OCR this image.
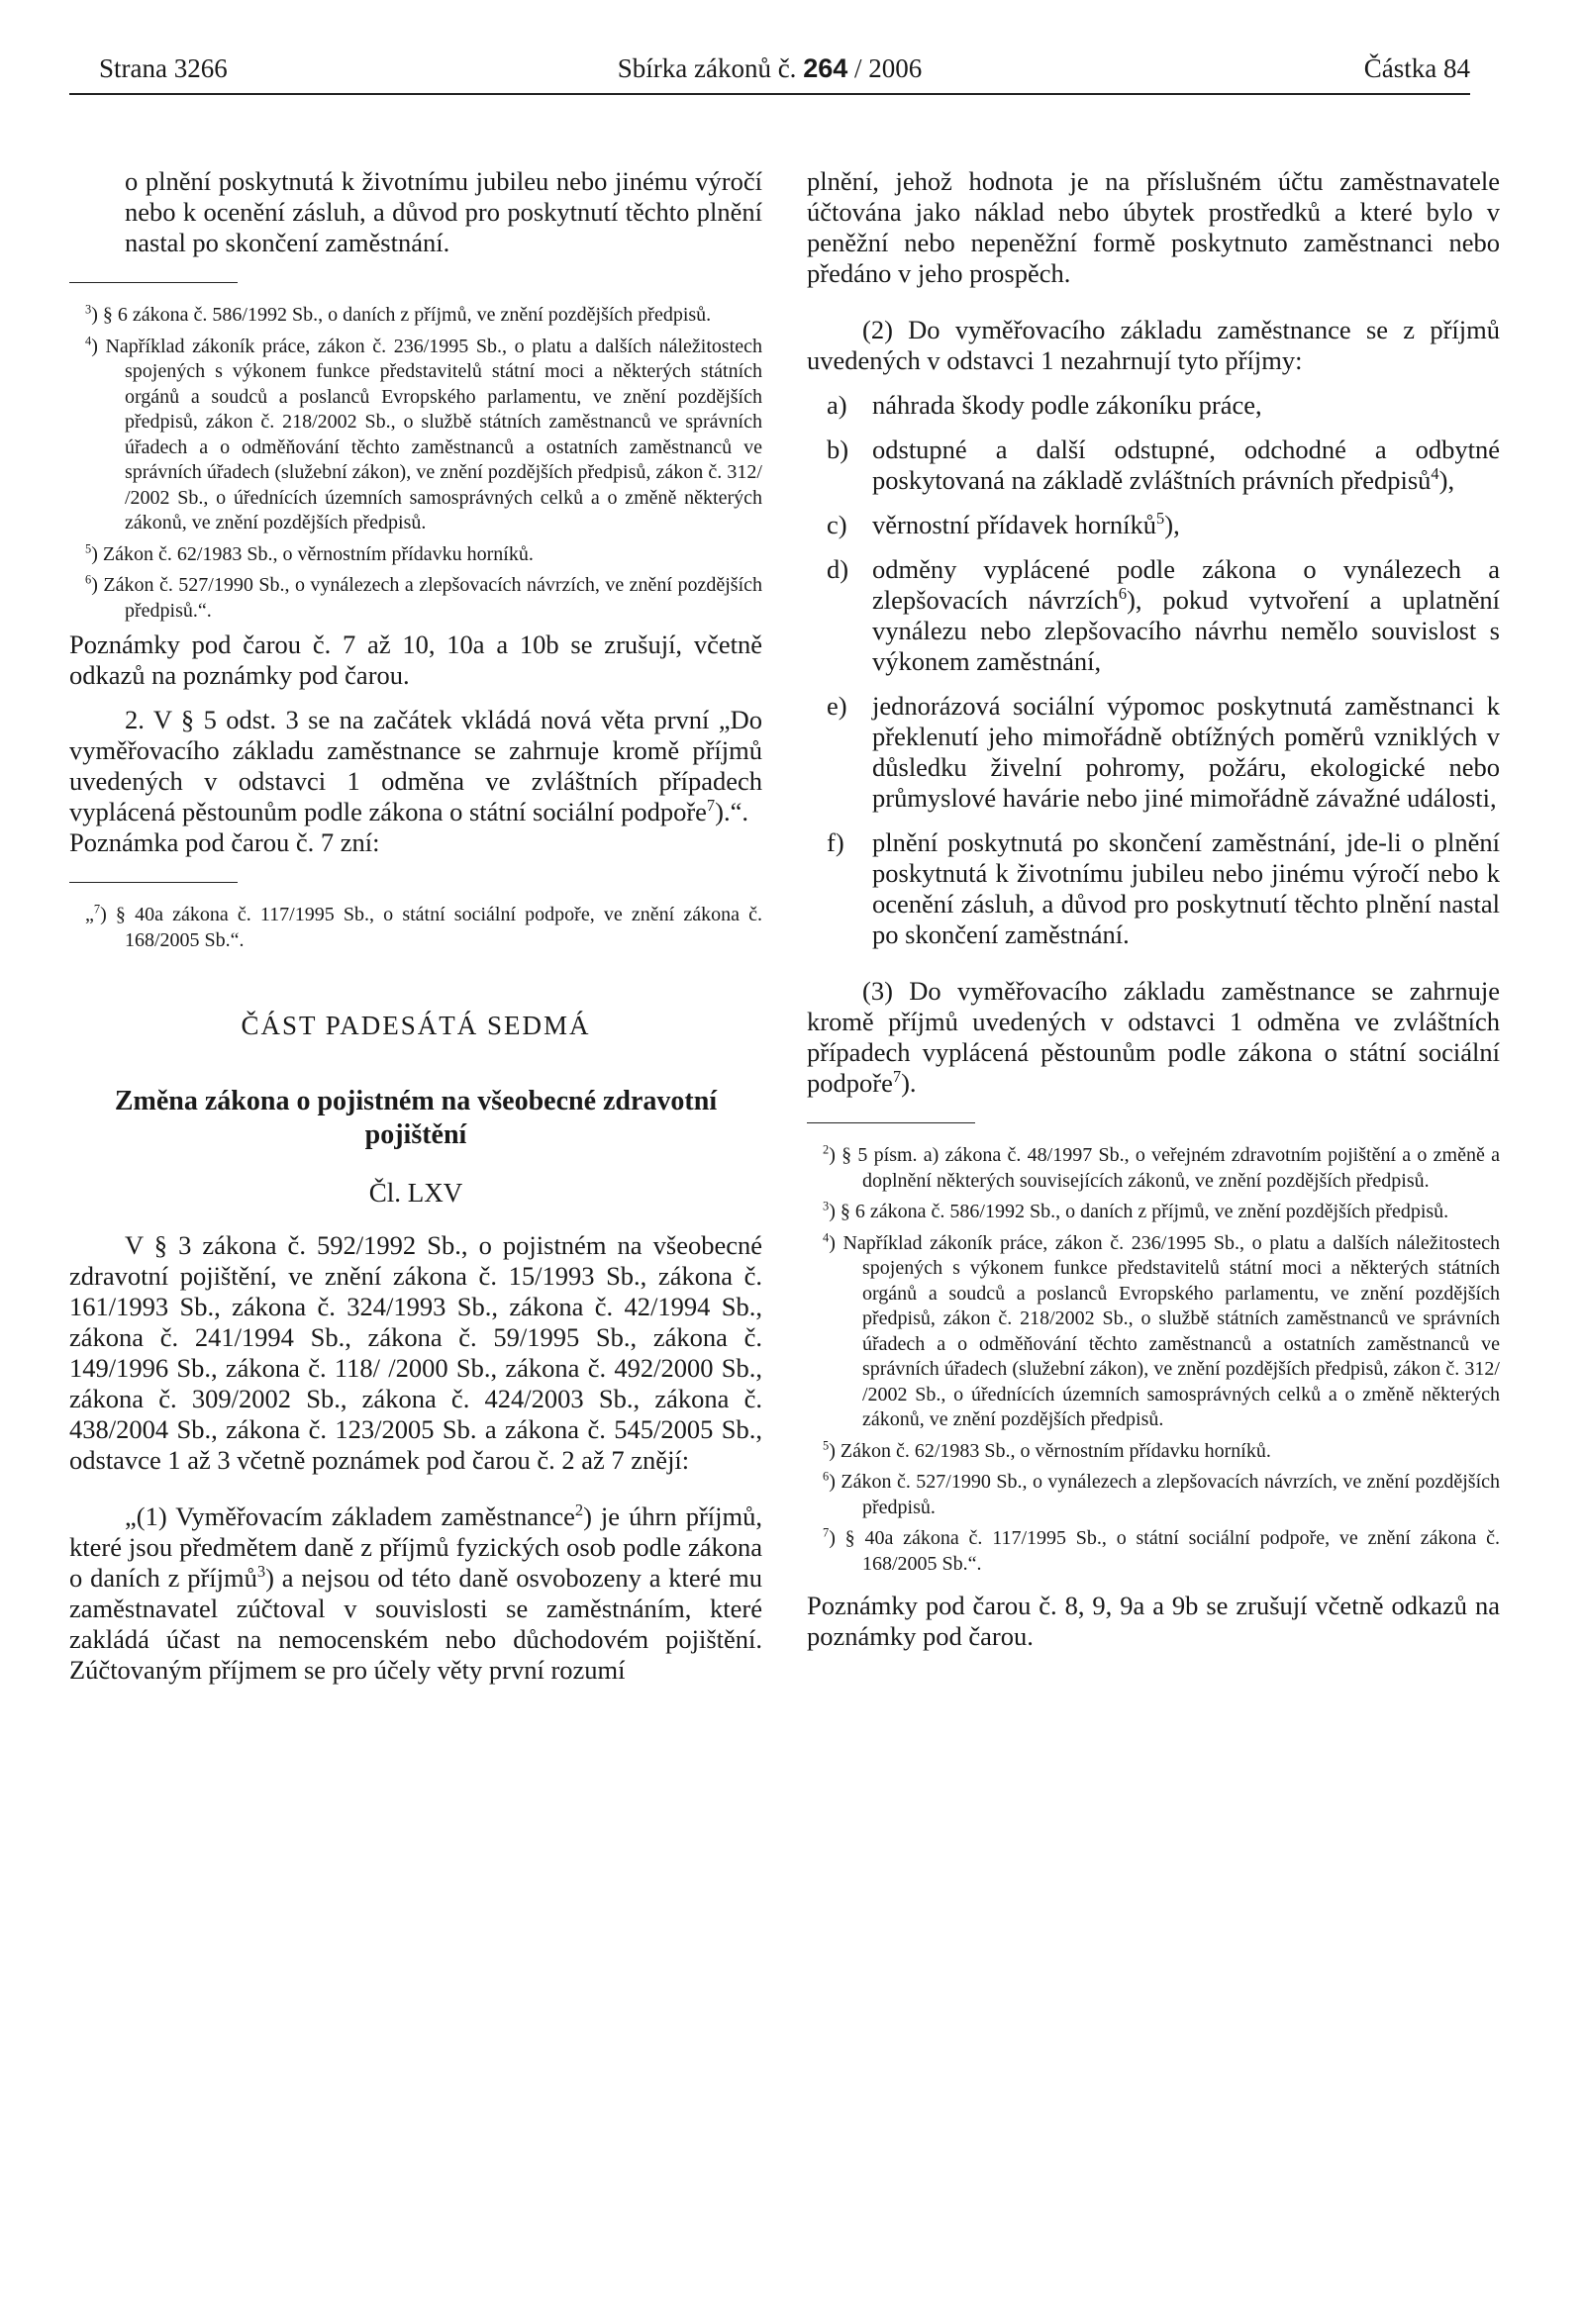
Strana 3266	Sbírka zákonů č. 264 / 2006	Částka 84

o plnění poskytnutá k životnímu jubileu nebo jinému výročí nebo k ocenění zásluh, a důvod pro poskytnutí těchto plnění nastal po skončení zaměstnání.

$^3$) § 6 zákona č. 586/1992 Sb., o daních z příjmů, ve znění pozdějších předpisů.

$^4$) Například zákoník práce, zákon č. 236/1995 Sb., o platu a dalších náležitostech spojených s výkonem funkce představitelů státní moci a některých státních orgánů a soudců a poslanců Evropského parlamentu, ve znění pozdějších předpisů, zákon č. 218/2002 Sb., o službě státních zaměstnanců ve správních úřadech a o odměňování těchto zaměstnanců a ostatních zaměstnanců ve správních úřadech (služební zákon), ve znění pozdějších předpisů, zákon č. 312/ /2002 Sb., o úřednících územních samosprávných celků a o změně některých zákonů, ve znění pozdějších předpisů.

$^5$) Zákon č. 62/1983 Sb., o věrnostním přídavku horníků.

$^6$) Zákon č. 527/1990 Sb., o vynálezech a zlepšovacích návrzích, ve znění pozdějších předpisů.“.

Poznámky pod čarou č. 7 až 10, 10a a 10b se zrušují, včetně odkazů na poznámky pod čarou.

2. V § 5 odst. 3 se na začátek vkládá nová věta první „Do vyměřovacího základu zaměstnance se zahrnuje kromě příjmů uvedených v odstavci 1 odměna ve zvláštních případech vyplácená pěstounům podle zákona o státní sociální podpoře$^7$).“.

Poznámka pod čarou č. 7 zní:

„$^7$) § 40a zákona č. 117/1995 Sb., o státní sociální podpoře, ve znění zákona č. 168/2005 Sb.“.

ČÁST PADESÁTÁ SEDMÁ
Změna zákona o pojistném na všeobecné zdravotní pojištění
Čl. LXV

V § 3 zákona č. 592/1992 Sb., o pojistném na všeobecné zdravotní pojištění, ve znění zákona č. 15/1993 Sb., zákona č. 161/1993 Sb., zákona č. 324/1993 Sb., zákona č. 42/1994 Sb., zákona č. 241/1994 Sb., zákona č. 59/1995 Sb., zákona č. 149/1996 Sb., zákona č. 118/ /2000 Sb., zákona č. 492/2000 Sb., zákona č. 309/2002 Sb., zákona č. 424/2003 Sb., zákona č. 438/2004 Sb., zákona č. 123/2005 Sb. a zákona č. 545/2005 Sb., odstavce 1 až 3 včetně poznámek pod čarou č. 2 až 7 znějí:

„(1) Vyměřovacím základem zaměstnance$^2$) je úhrn příjmů, které jsou předmětem daně z příjmů fyzických osob podle zákona o daních z příjmů$^3$) a nejsou od této daně osvobozeny a které mu zaměstnavatel zúčtoval v souvislosti se zaměstnáním, které zakládá účast na nemocenském nebo důchodovém pojištění. Zúčtovaným příjmem se pro účely věty první rozumí

plnění, jehož hodnota je na příslušném účtu zaměstnavatele účtována jako náklad nebo úbytek prostředků a které bylo v peněžní nebo nepeněžní formě poskytnuto zaměstnanci nebo předáno v jeho prospěch.

(2) Do vyměřovacího základu zaměstnance se z příjmů uvedených v odstavci 1 nezahrnují tyto příjmy:

a) náhrada škody podle zákoníku práce,
b) odstupné a další odstupné, odchodné a odbytné poskytovaná na základě zvláštních právních předpisů$^4$),
c) věrnostní přídavek horníků$^5$),
d) odměny vyplácené podle zákona o vynálezech a zlepšovacích návrzích$^6$), pokud vytvoření a uplatnění vynálezu nebo zlepšovacího návrhu nemělo souvislost s výkonem zaměstnání,
e) jednorázová sociální výpomoc poskytnutá zaměstnanci k překlenutí jeho mimořádně obtížných poměrů vzniklých v důsledku živelní pohromy, požáru, ekologické nebo průmyslové havárie nebo jiné mimořádně závažné události,
f) plnění poskytnutá po skončení zaměstnání, jde-li o plnění poskytnutá k životnímu jubileu nebo jinému výročí nebo k ocenění zásluh, a důvod pro poskytnutí těchto plnění nastal po skončení zaměstnání.

(3) Do vyměřovacího základu zaměstnance se zahrnuje kromě příjmů uvedených v odstavci 1 odměna ve zvláštních případech vyplácená pěstounům podle zákona o státní sociální podpoře$^7$).

$^2$) § 5 písm. a) zákona č. 48/1997 Sb., o veřejném zdravotním pojištění a o změně a doplnění některých souvisejících zákonů, ve znění pozdějších předpisů.

$^3$) § 6 zákona č. 586/1992 Sb., o daních z příjmů, ve znění pozdějších předpisů.

$^4$) Například zákoník práce, zákon č. 236/1995 Sb., o platu a dalších náležitostech spojených s výkonem funkce představitelů státní moci a některých státních orgánů a soudců a poslanců Evropského parlamentu, ve znění pozdějších předpisů, zákon č. 218/2002 Sb., o službě státních zaměstnanců ve správních úřadech a o odměňování těchto zaměstnanců a ostatních zaměstnanců ve správních úřadech (služební zákon), ve znění pozdějších předpisů, zákon č. 312/ /2002 Sb., o úřednících územních samosprávných celků a o změně některých zákonů, ve znění pozdějších předpisů.

$^5$) Zákon č. 62/1983 Sb., o věrnostním přídavku horníků.

$^6$) Zákon č. 527/1990 Sb., o vynálezech a zlepšovacích návrzích, ve znění pozdějších předpisů.

$^7$) § 40a zákona č. 117/1995 Sb., o státní sociální podpoře, ve znění zákona č. 168/2005 Sb.“.

Poznámky pod čarou č. 8, 9, 9a a 9b se zrušují včetně odkazů na poznámky pod čarou.
